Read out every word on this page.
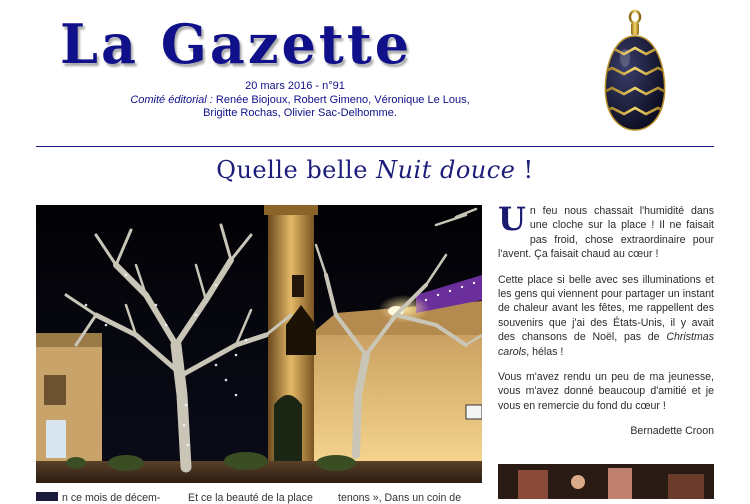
La Gazette
20 mars 2016 - n°91
Comité éditorial : Renée Biojoux, Robert Gimeno, Véronique Le Lous,
Brigitte Rochas, Olivier Sac-Delhomme.
Quelle belle Nuit douce !

Un feu nous chassait l'humidité dans une cloche sur la place ! Il ne faisait pas froid, chose extraordinaire pour l'avent. Ça faisait chaud au cœur !

Cette place si belle avec ses illuminations et les gens qui viennent pour partager un instant de chaleur avant les fêtes, me rappellent des souvenirs que j'ai des États-Unis, il y avait des chansons de Noël, pas de Christmas carols, hélas !

Vous m'avez rendu un peu de ma jeunesse, vous m'avez donné beaucoup d'amitié et je vous en remercie du fond du cœur !

Bernadette Croon

n ce mois de décem-	Et ce la beauté de la place	tenons », Dans un coin de
